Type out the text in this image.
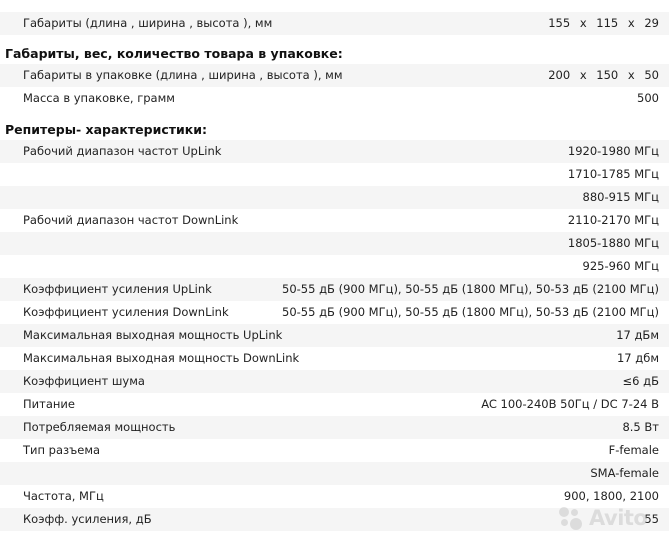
Габариты (длина , ширина , высота ), мм	155 x 115 x 29
Габариты, вес, количество товара в упаковке:
Габариты в упаковке (длина , ширина , высота ), мм	200 x 150 x 50
Масса в упаковке, грамм	500
Репитеры- характеристики:
Рабочий диапазон частот UpLink	1920-1980 МГц
1710-1785 МГц
880-915 МГц
Рабочий диапазон частот DownLink	2110-2170 МГц
1805-1880 МГц
925-960 МГц
Коэффициент усиления UpLink	50-55 дБ (900 МГц), 50-55 дБ (1800 МГц), 50-53 дБ (2100 МГц)
Коэффициент усиления DownLink	50-55 дБ (900 МГц), 50-55 дБ (1800 МГц), 50-53 дБ (2100 МГц)
Максимальная выходная мощность UpLink	17 дБм
Максимальная выходная мощность DownLink	17 дбм
Коэффициент шума	≤6 дБ
Питание	AC 100-240В 50Гц / DC 7-24 В
Потребляемая мощность	8.5 Вт
Тип разъема	F-female
SMA-female
Частота, МГц	900, 1800, 2100
Коэфф. усиления, дБ	55
Avito
